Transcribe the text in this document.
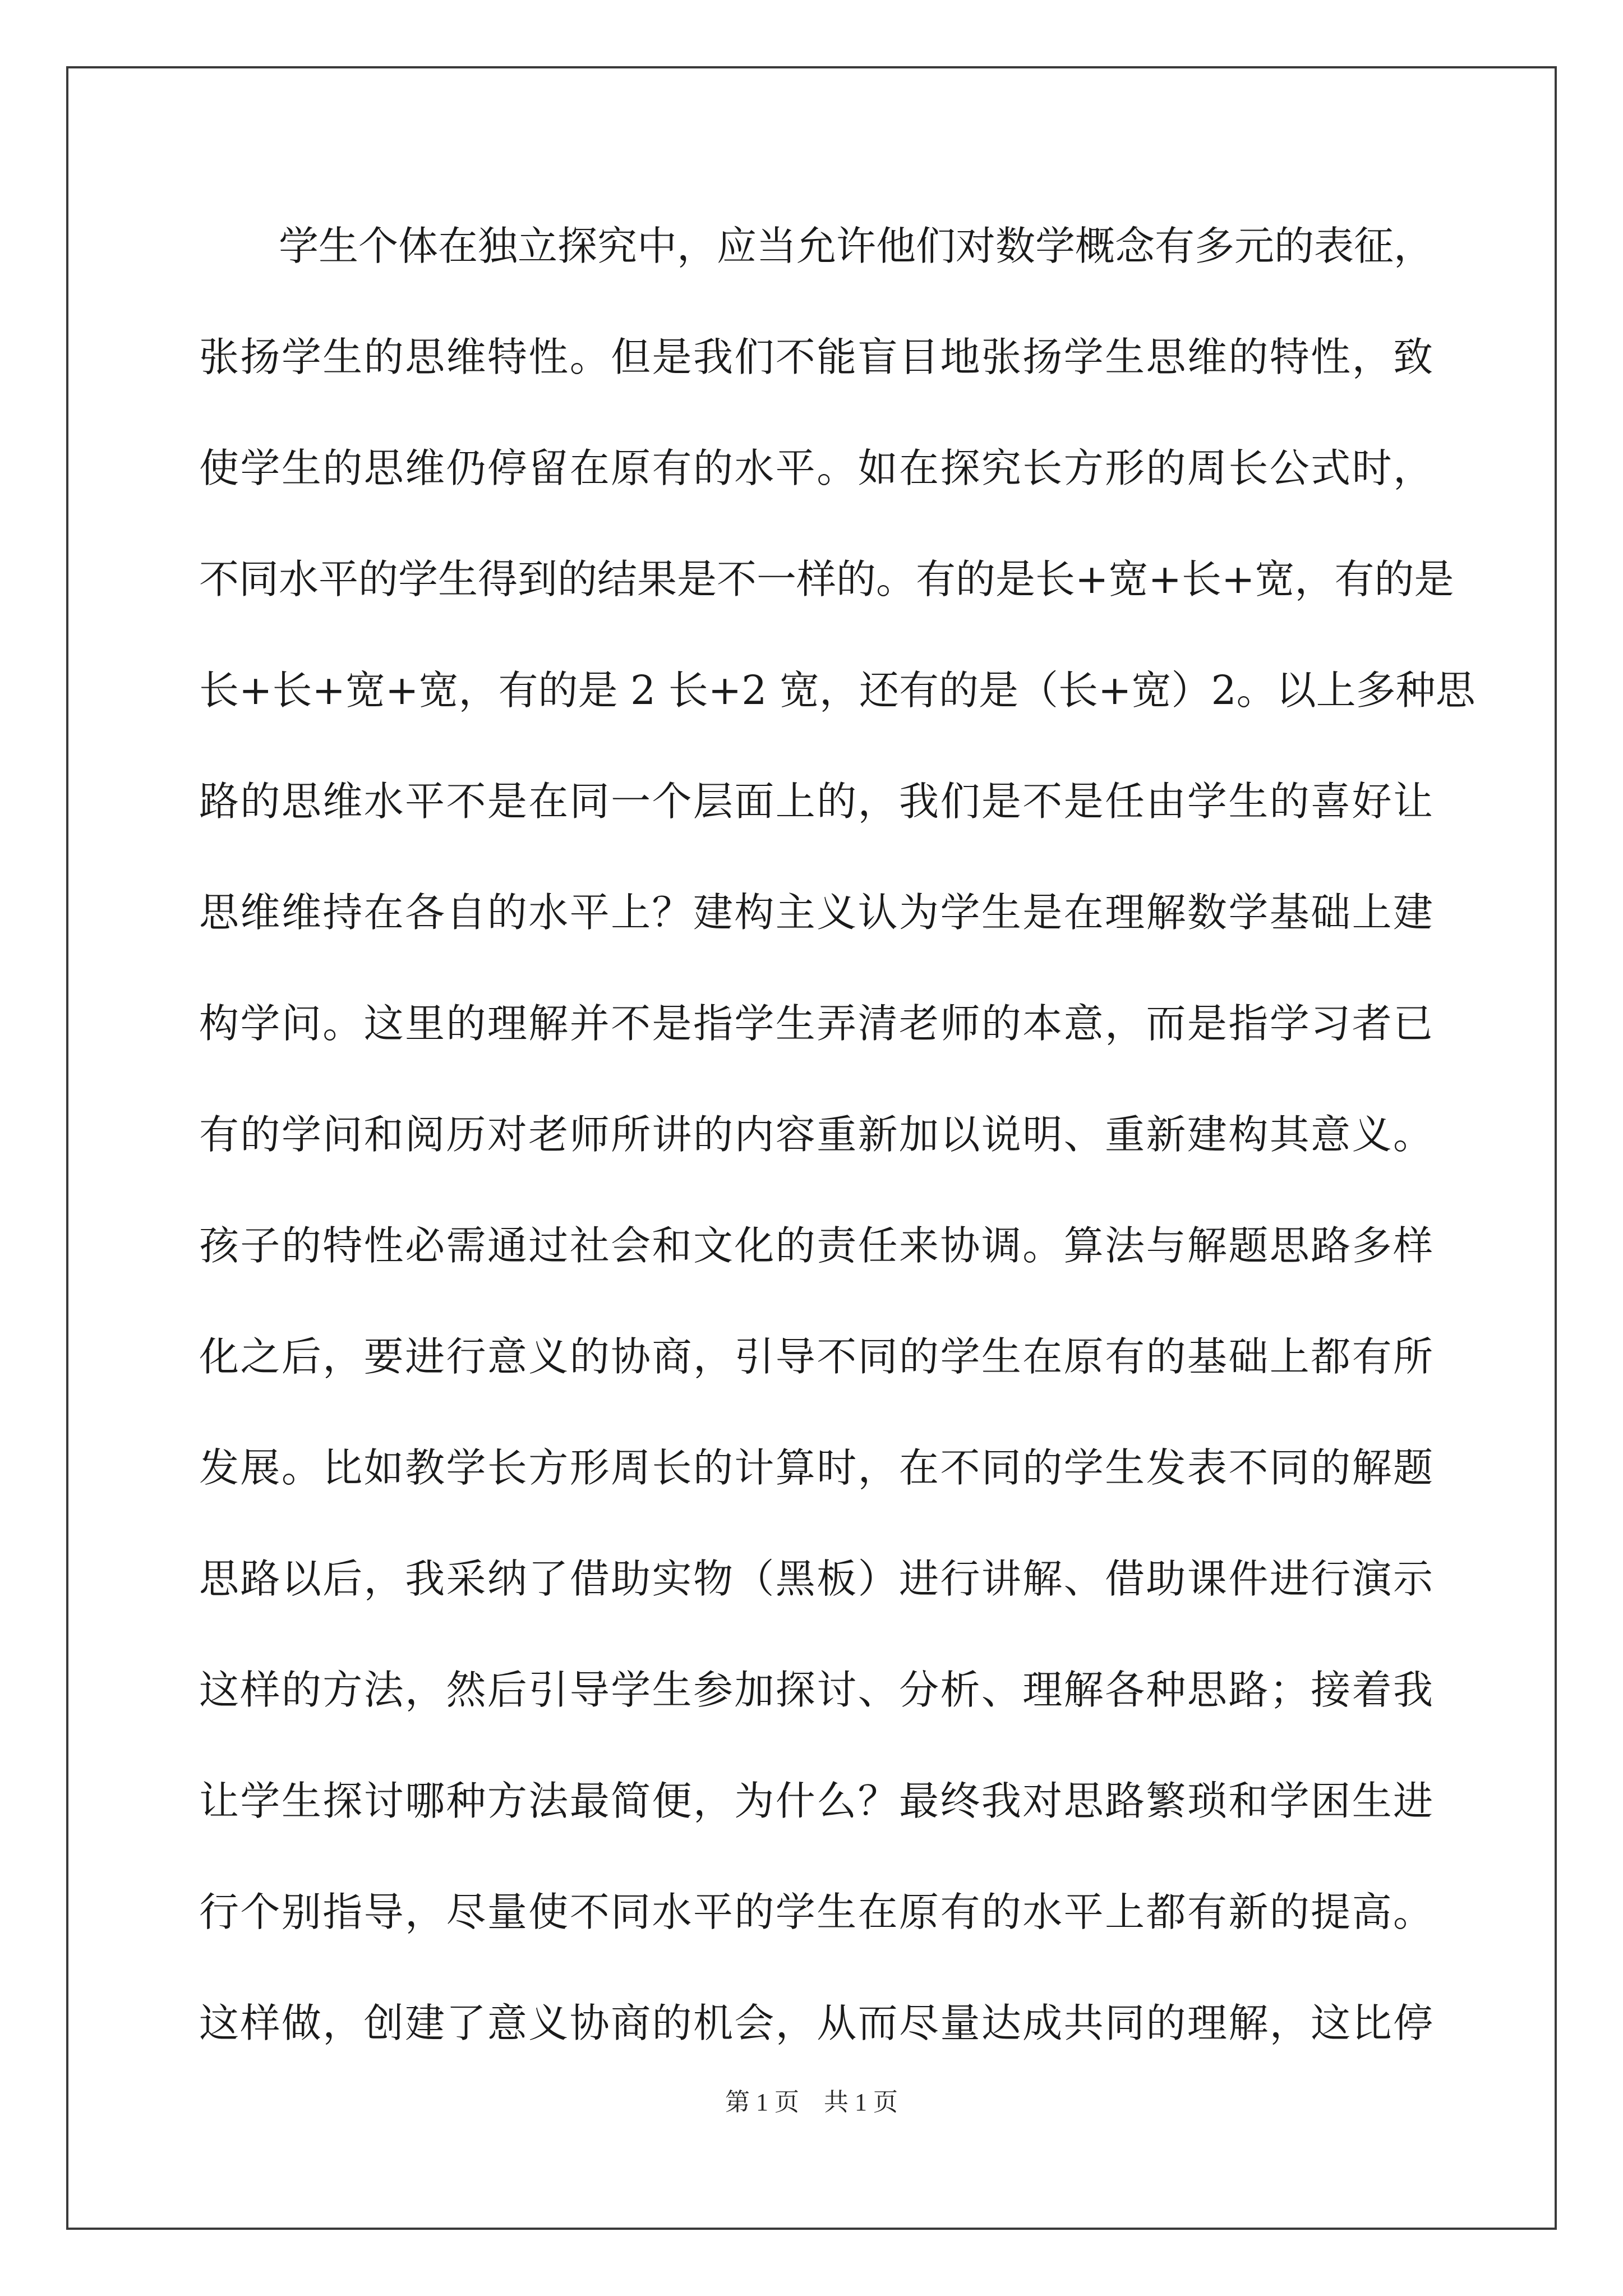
学生个体在独立探究中，应当允许他们对数学概念有多元的表征，
张扬学生的思维特性。但是我们不能盲目地张扬学生思维的特性，致
使学生的思维仍停留在原有的水平。如在探究长方形的周长公式时，
不同水平的学生得到的结果是不一样的。有的是长+宽+长+宽，有的是
长+长+宽+宽，有的是 2 长+2 宽，还有的是（长+宽）2。以上多种思
路的思维水平不是在同一个层面上的，我们是不是任由学生的喜好让
思维维持在各自的水平上？建构主义认为学生是在理解数学基础上建
构学问。这里的理解并不是指学生弄清老师的本意，而是指学习者已
有的学问和阅历对老师所讲的内容重新加以说明、重新建构其意义。
孩子的特性必需通过社会和文化的责任来协调。算法与解题思路多样
化之后，要进行意义的协商，引导不同的学生在原有的基础上都有所
发展。比如教学长方形周长的计算时，在不同的学生发表不同的解题
思路以后，我采纳了借助实物（黑板）进行讲解、借助课件进行演示
这样的方法，然后引导学生参加探讨、分析、理解各种思路；接着我
让学生探讨哪种方法最简便，为什么？最终我对思路繁琐和学困生进
行个别指导，尽量使不同水平的学生在原有的水平上都有新的提高。
这样做，创建了意义协商的机会，从而尽量达成共同的理解，这比停
第 1 页 共 1 页
